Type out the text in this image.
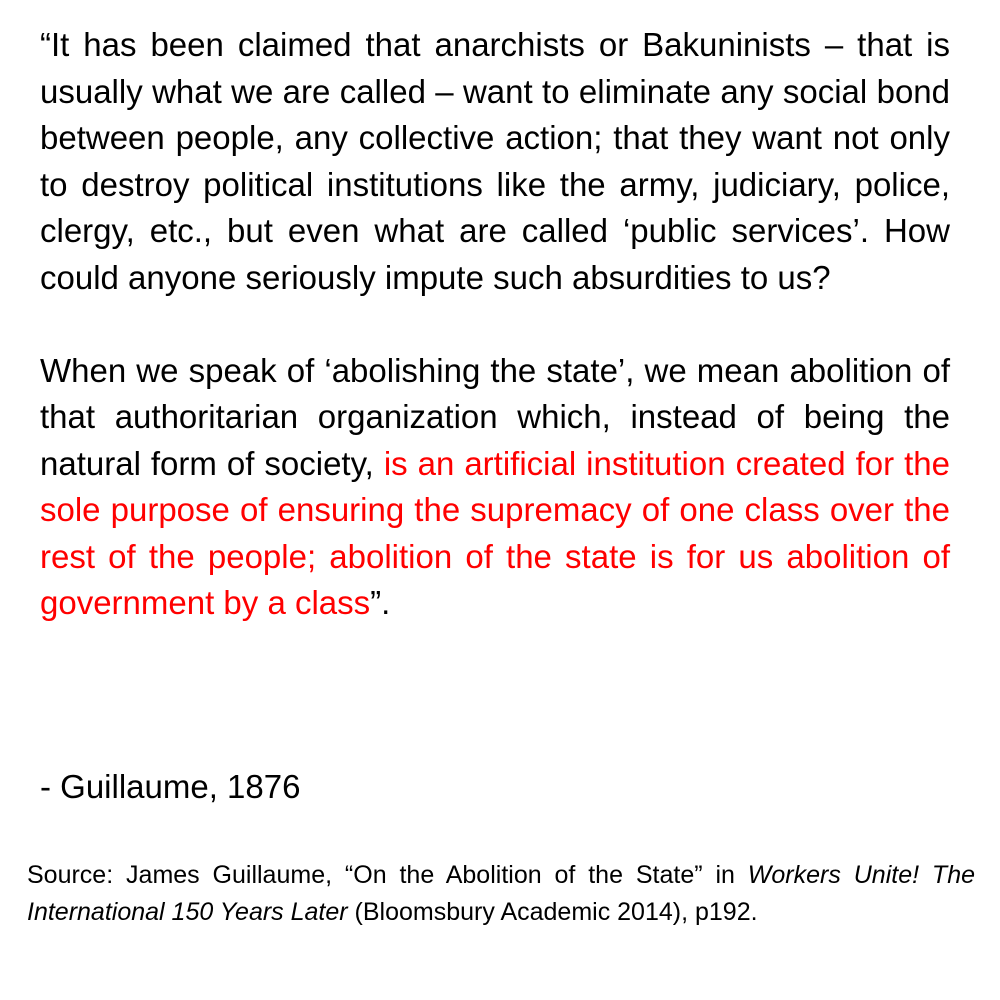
“It has been claimed that anarchists or Bakuninists – that is usually what we are called – want to eliminate any social bond between people, any collective action; that they want not only to destroy political institutions like the army, judiciary, police, clergy, etc., but even what are called ‘public services’. How could anyone seriously impute such absurdities to us?

When we speak of ‘abolishing the state’, we mean abolition of that authoritarian organization which, instead of being the natural form of society, is an artificial institution created for the sole purpose of ensuring the supremacy of one class over the rest of the people; abolition of the state is for us abolition of government by a class”.

- Guillaume, 1876
Source: James Guillaume, “On the Abolition of the State” in Workers Unite! The International 150 Years Later (Bloomsbury Academic 2014), p192.
